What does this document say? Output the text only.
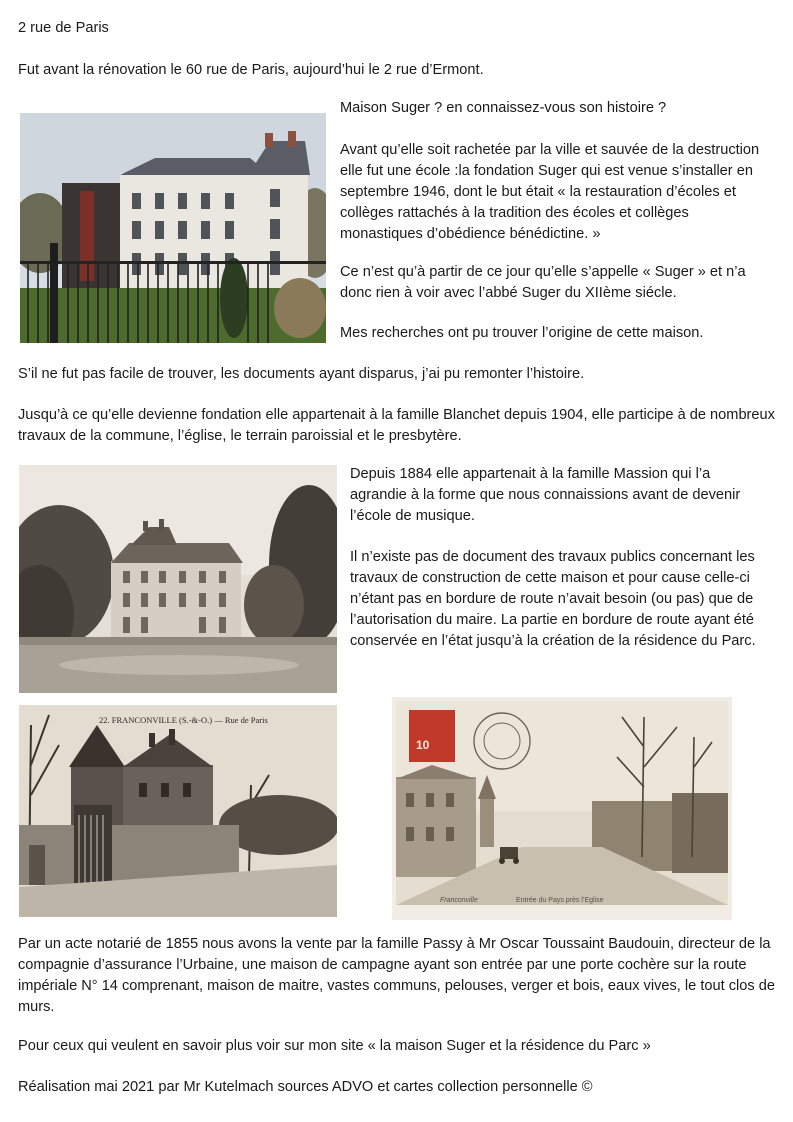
2 rue de Paris

Fut avant la rénovation le 60 rue de Paris, aujourd’hui le 2 rue d’Ermont.

Maison Suger ? en connaissez-vous son histoire ?

Avant qu’elle soit rachetée par la ville et sauvée de la destruction elle fut une école :la fondation Suger qui est venue s’installer en septembre 1946, dont le but était « la restauration d’écoles et collèges rattachés à la tradition des écoles et collèges monastiques d’obédience bénédictine. »

Ce n’est qu’à partir de ce jour qu’elle s’appelle « Suger » et n’a donc rien à voir avec l’abbé Suger du XIIème siécle.

Mes recherches ont pu trouver l’origine de cette maison.

S’il ne fut pas facile de trouver, les documents ayant disparus, j’ai pu remonter l’histoire.

Jusqu’à ce qu’elle devienne fondation elle appartenait à la famille Blanchet depuis 1904, elle participe à de nombreux travaux de la commune, l’église, le terrain paroissial et le presbytère.

Depuis 1884 elle appartenait à la famille Massion qui l’a agrandie à la forme que nous connaissions avant de devenir l’école de musique.

Il n’existe pas de document des travaux publics concernant les travaux de construction de cette maison et pour cause celle-ci n’étant pas en bordure de route n’avait besoin (ou pas) que de l’autorisation du maire. La partie en bordure de route ayant été conservée en l’état jusqu’à la création de la résidence du Parc.

22. FRANCONVILLE (S.-&-O.) — Rue de Paris
10
Franconville	Entrée du Pays près l’Eglise

Par un acte notarié de 1855 nous avons la vente par la famille Passy à Mr Oscar Toussaint Baudouin, directeur de la compagnie d’assurance l’Urbaine, une maison de campagne ayant son entrée par une porte cochère sur la route impériale N° 14 comprenant, maison de maitre, vastes communs, pelouses, verger et bois, eaux vives, le tout clos de murs.

Pour ceux qui veulent en savoir plus voir sur mon site « la maison Suger et la résidence du Parc »

Réalisation mai 2021 par Mr Kutelmach sources ADVO et cartes collection personnelle ©
